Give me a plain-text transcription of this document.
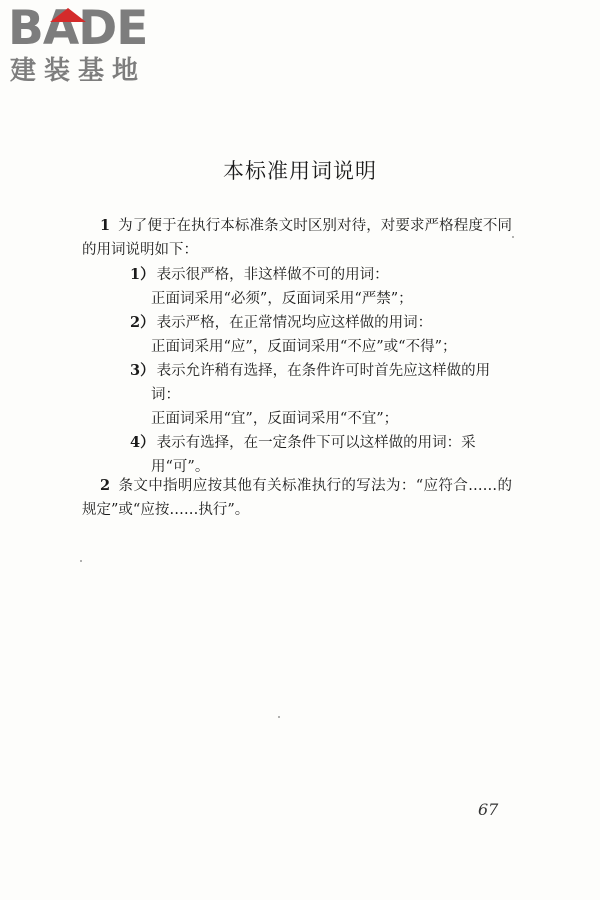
BADE
建装基地
本标准用词说明
1 为了便于在执行本标准条文时区别对待，对要求严格程度不同的用词说明如下：
1） 表示很严格，非这样做不可的用词：
正面词采用“必须”，反面词采用“严禁”；
2） 表示严格，在正常情况均应这样做的用词：
正面词采用“应”，反面词采用“不应”或“不得”；
3） 表示允许稍有选择，在条件许可时首先应这样做的用词：
正面词采用“宜”，反面词采用“不宜”；
4） 表示有选择，在一定条件下可以这样做的用词：采用“可”。
2 条文中指明应按其他有关标准执行的写法为：“应符合……的规定”或“应按……执行”。
67
